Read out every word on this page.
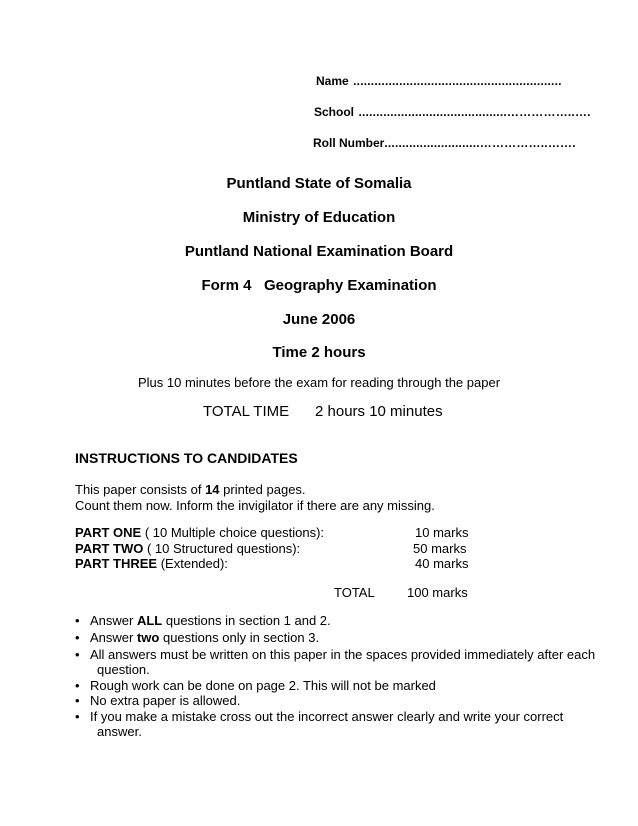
Name ...........................................................
School ..........................................……………..….
Roll Number...........................……………..…….
Puntland State of Somalia
Ministry of Education
Puntland National Examination Board
Form 4 Geography Examination
June 2006
Time 2 hours
Plus 10 minutes before the exam for reading through the paper
TOTAL TIME 2 hours 10 minutes
INSTRUCTIONS TO CANDIDATES
This paper consists of 14 printed pages.
Count them now. Inform the invigilator if there are any missing.
PART ONE ( 10 Multiple choice questions):	10 marks
PART TWO ( 10 Structured questions):	50 marks
PART THREE (Extended):	40 marks
TOTAL 100 marks
• Answer ALL questions in section 1 and 2.
• Answer two questions only in section 3.
• All answers must be written on this paper in the spaces provided immediately after each
question.
• Rough work can be done on page 2. This will not be marked
• No extra paper is allowed.
• If you make a mistake cross out the incorrect answer clearly and write your correct
answer.
